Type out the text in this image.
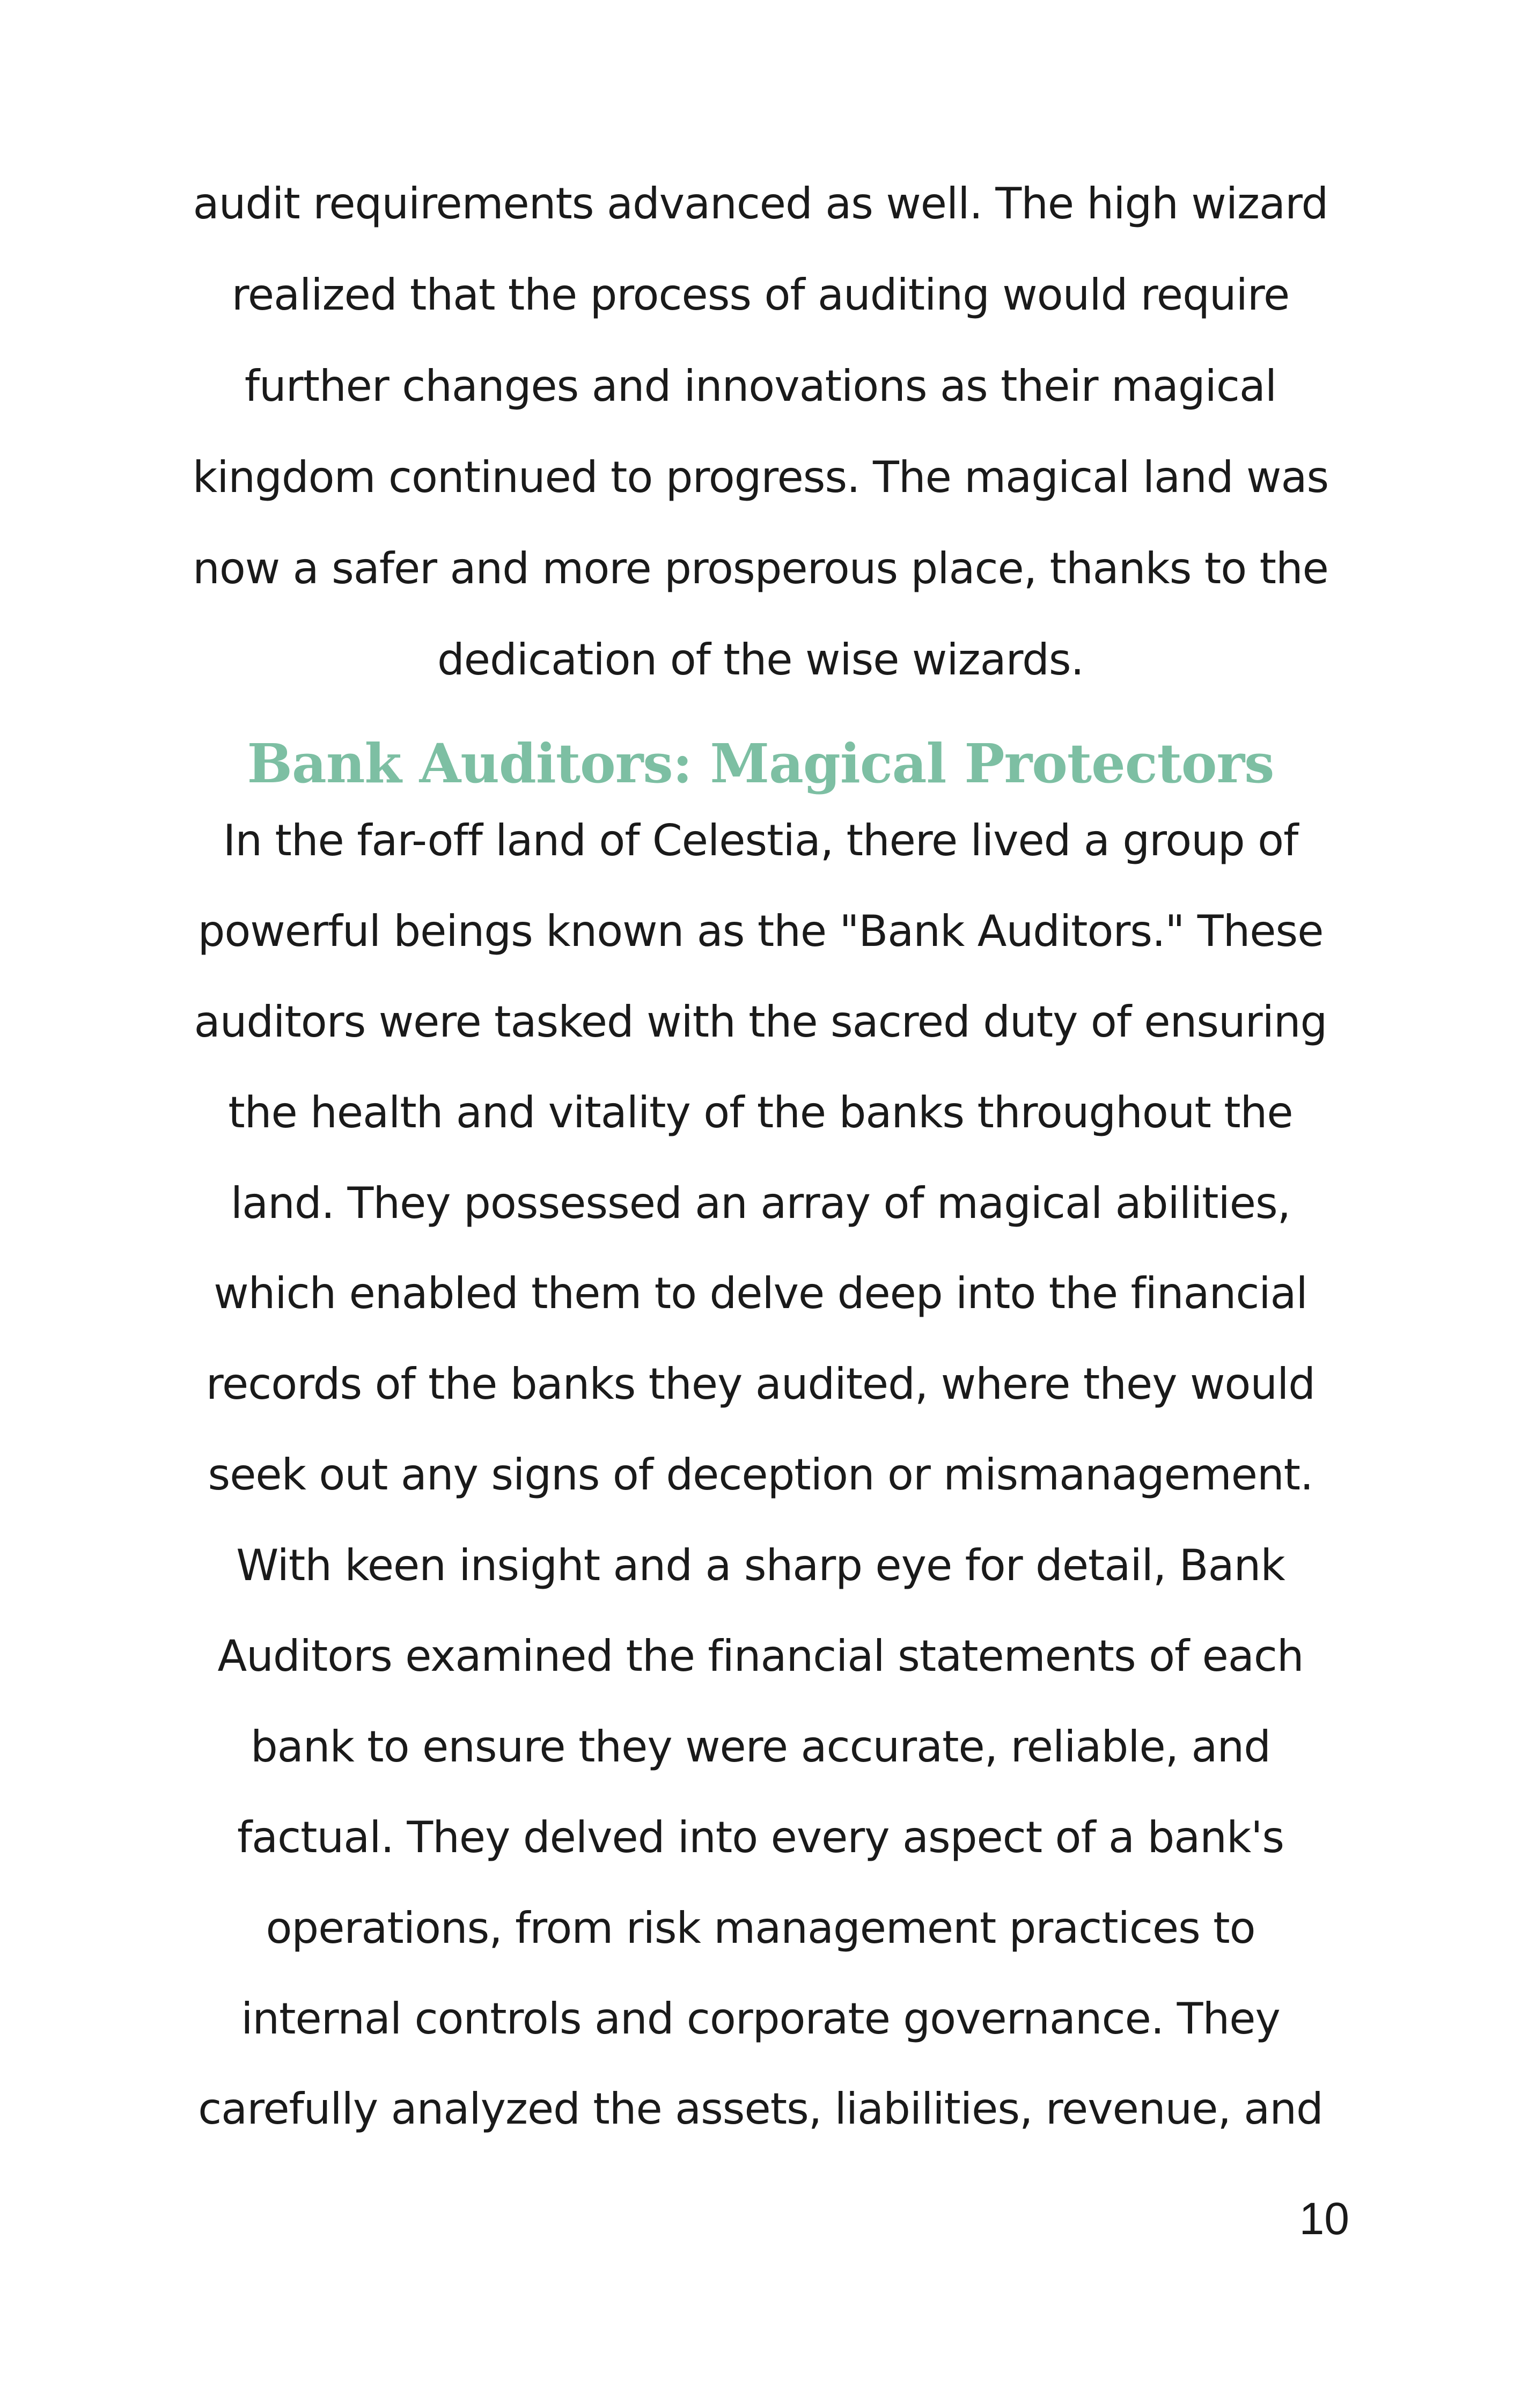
audit requirements advanced as well. The high wizard
realized that the process of auditing would require
further changes and innovations as their magical
kingdom continued to progress. The magical land was
now a safer and more prosperous place, thanks to the
dedication of the wise wizards.
Bank Auditors: Magical Protectors
In the far-off land of Celestia, there lived a group of
powerful beings known as the "Bank Auditors." These
auditors were tasked with the sacred duty of ensuring
the health and vitality of the banks throughout the
land. They possessed an array of magical abilities,
which enabled them to delve deep into the financial
records of the banks they audited, where they would
seek out any signs of deception or mismanagement.
With keen insight and a sharp eye for detail, Bank
Auditors examined the financial statements of each
bank to ensure they were accurate, reliable, and
factual. They delved into every aspect of a bank's
operations, from risk management practices to
internal controls and corporate governance. They
carefully analyzed the assets, liabilities, revenue, and
10
